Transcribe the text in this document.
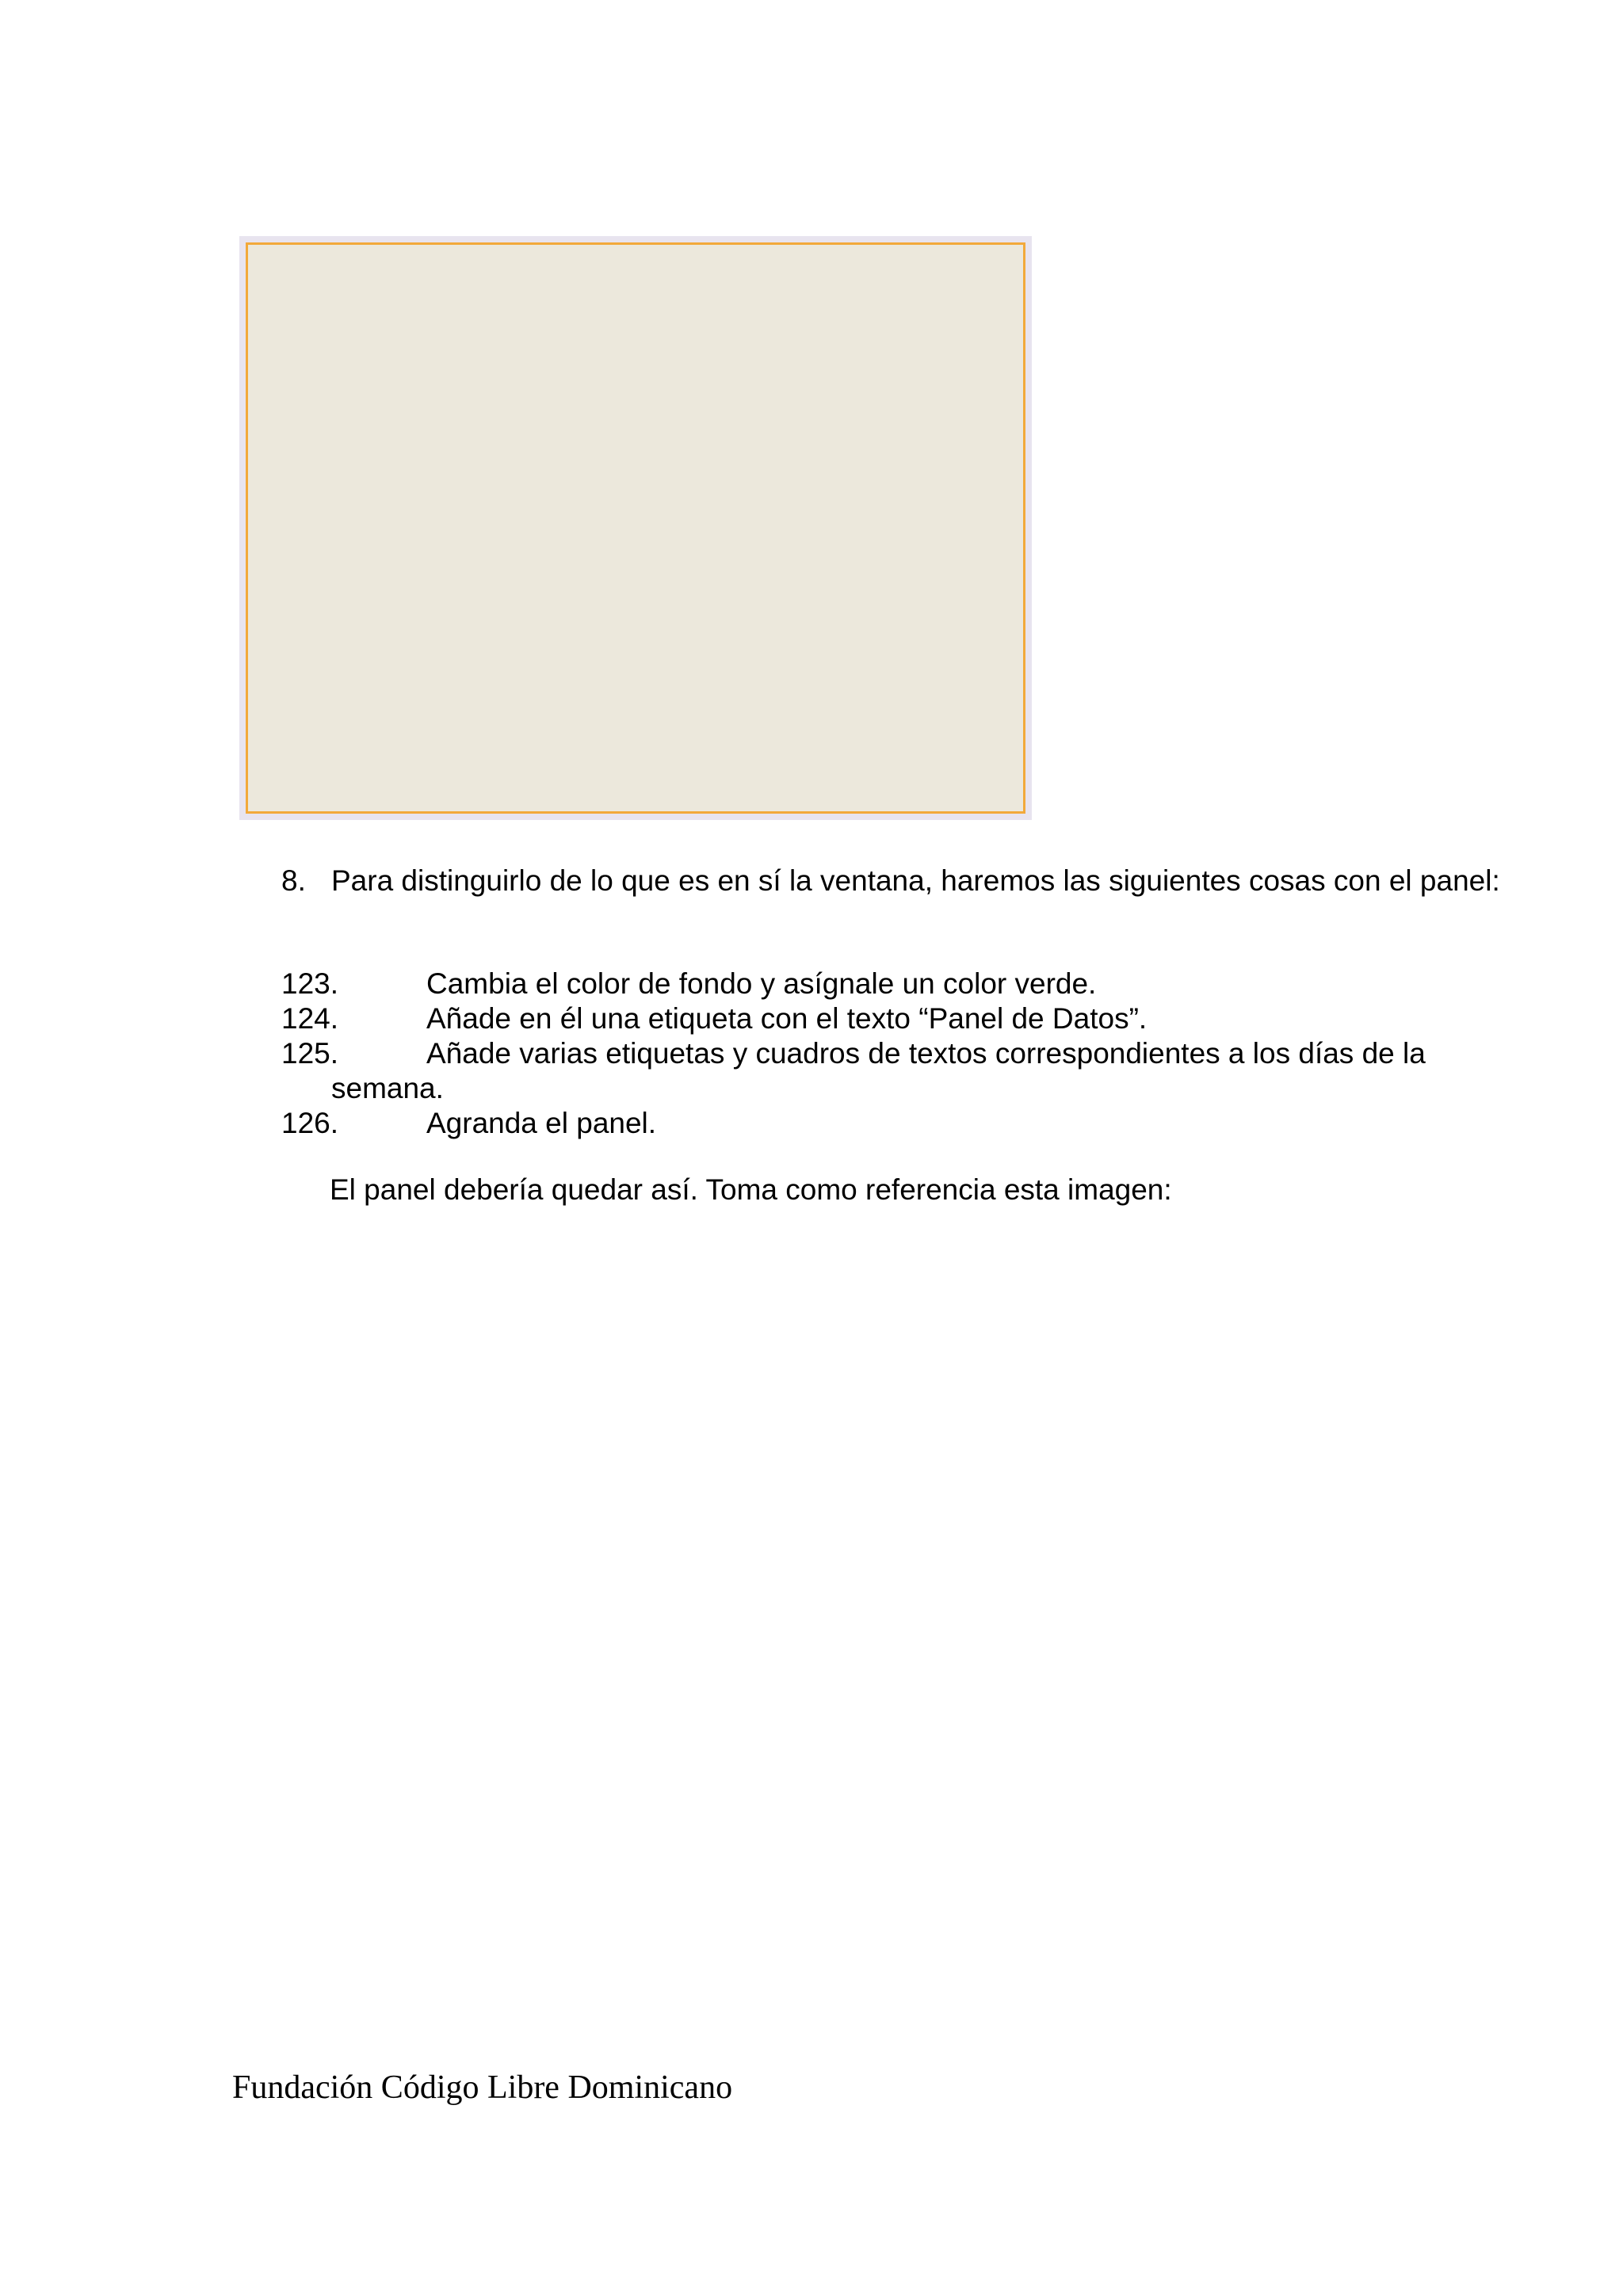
8. Para distinguirlo de lo que es en sí la ventana, haremos las siguientes cosas con el panel:
123.	Cambia el color de fondo y asígnale un color verde.
124.	Añade en él una etiqueta con el texto “Panel de Datos”.
125.	Añade varias etiquetas y cuadros de textos correspondientes a los días de la
semana.
126.	Agranda el panel.
El panel debería quedar así. Toma como referencia esta imagen:
Fundación Código Libre Dominicano
